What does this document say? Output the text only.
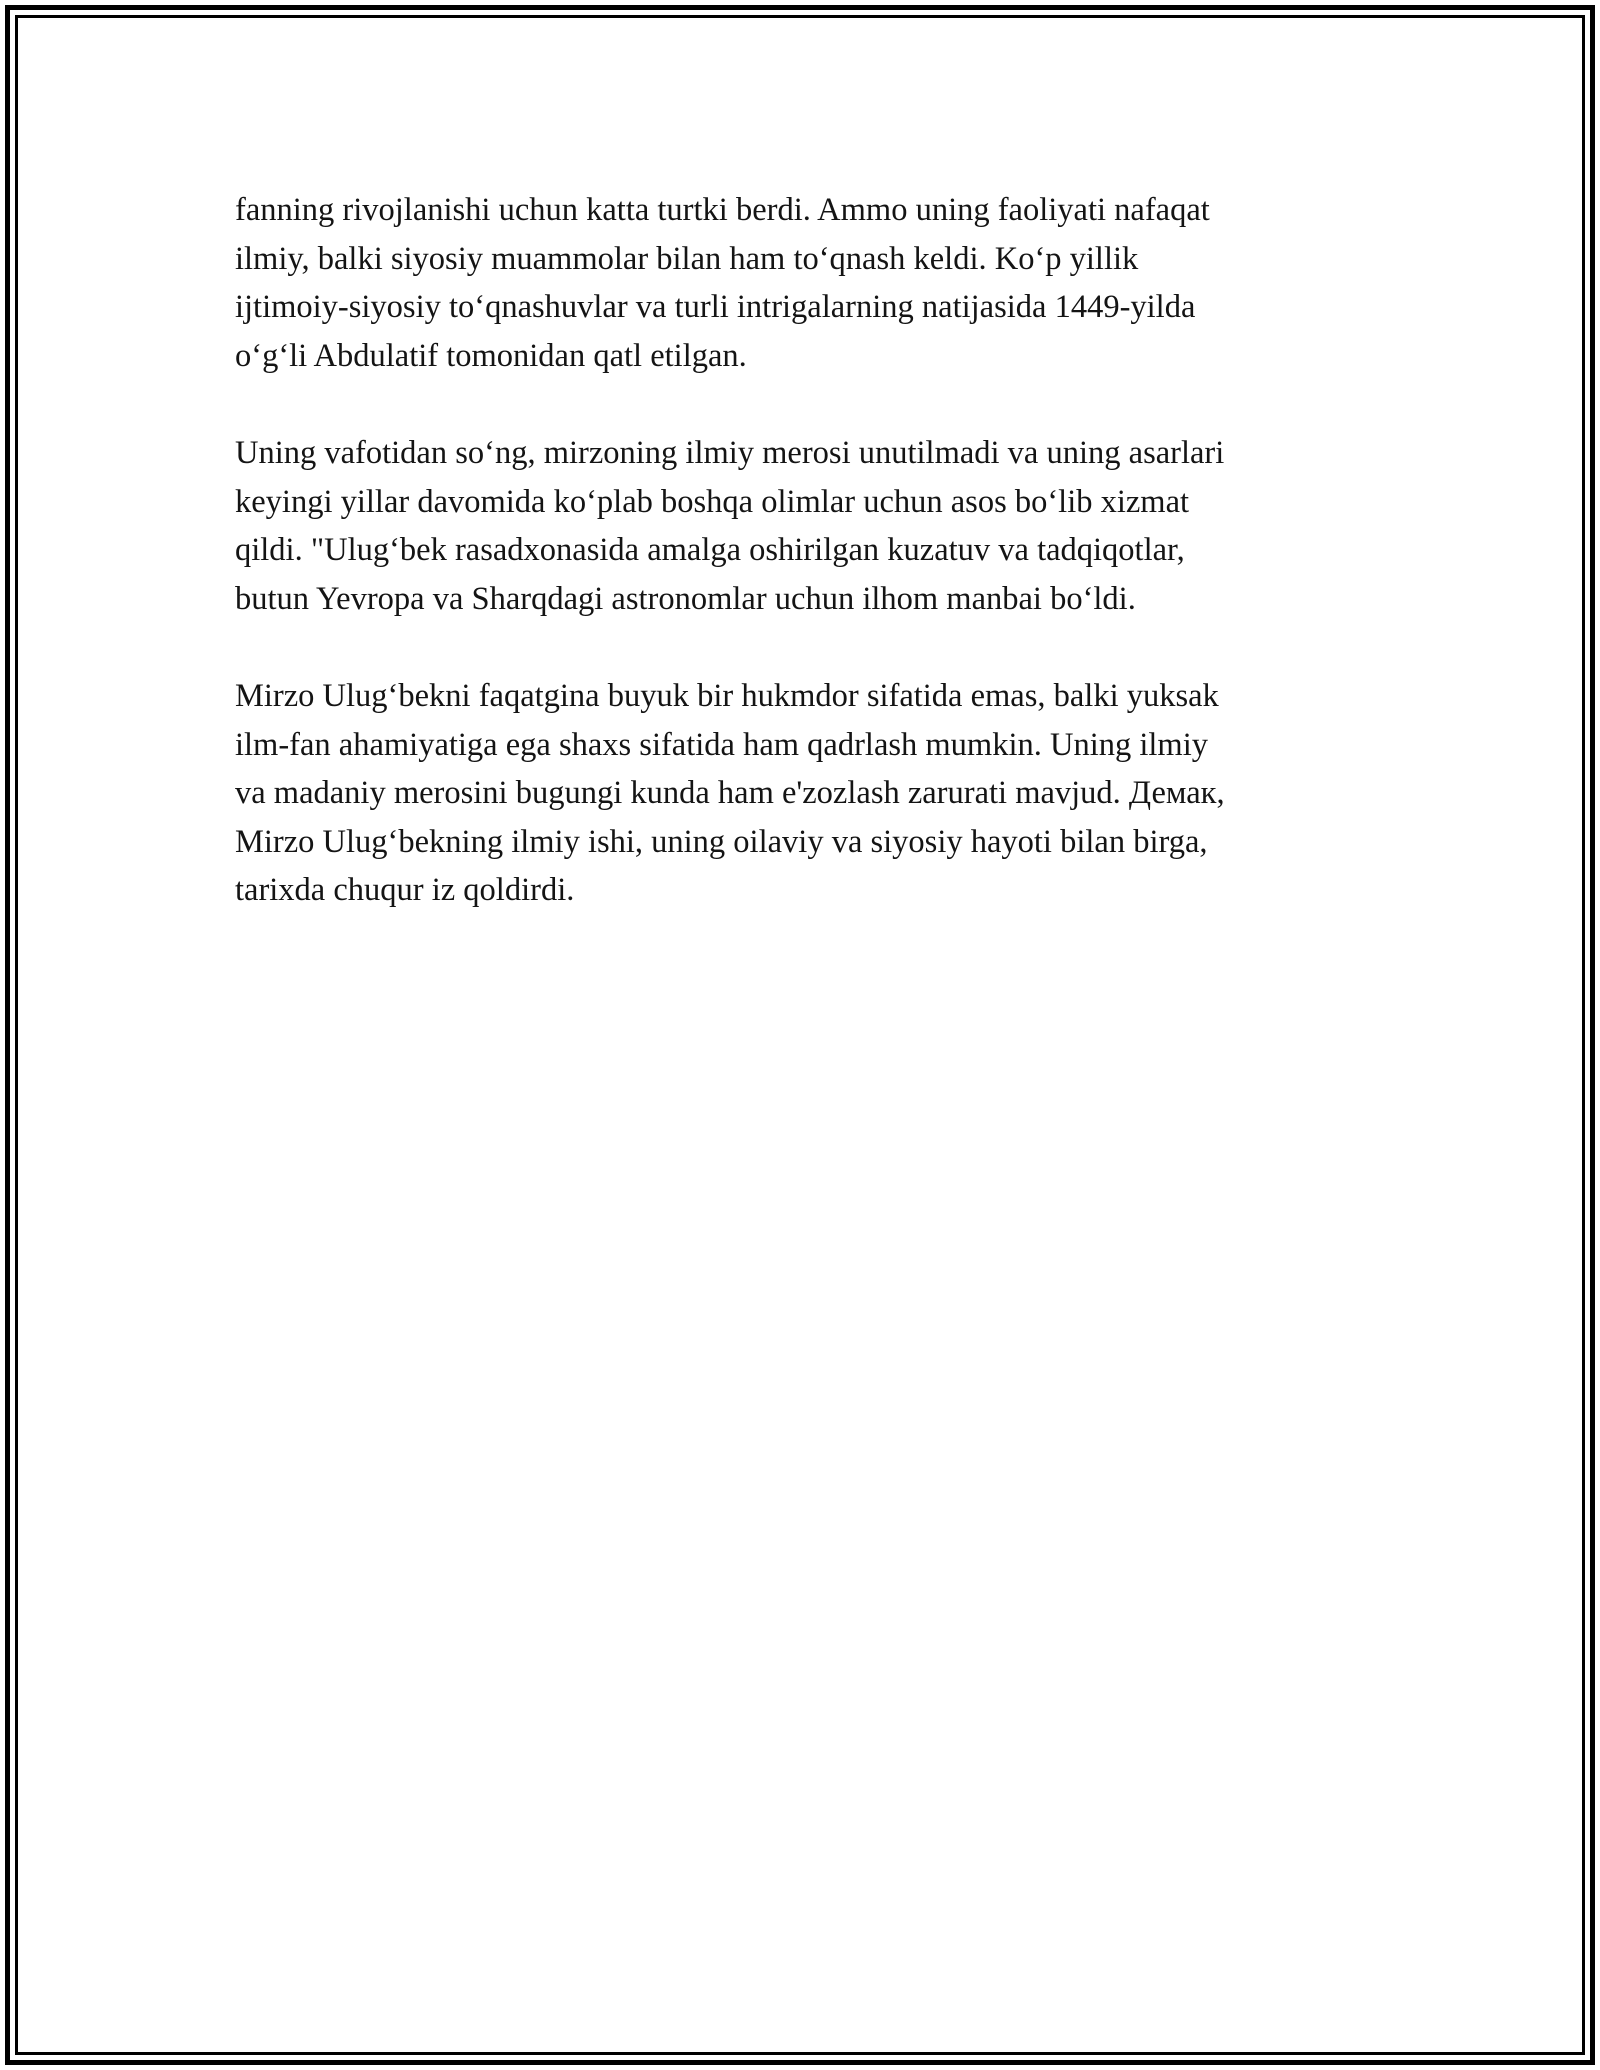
fanning rivojlanishi uchun katta turtki berdi. Ammo uning faoliyati nafaqat
ilmiy, balki siyosiy muammolar bilan ham to‘qnash keldi. Ko‘p yillik
ijtimoiy-siyosiy to‘qnashuvlar va turli intrigalarning natijasida 1449-yilda
o‘g‘li Abdulatif tomonidan qatl etilgan.

Uning vafotidan so‘ng, mirzoning ilmiy merosi unutilmadi va uning asarlari
keyingi yillar davomida ko‘plab boshqa olimlar uchun asos bo‘lib xizmat
qildi. "Ulug‘bek rasadxonasida amalga oshirilgan kuzatuv va tadqiqotlar,
butun Yevropa va Sharqdagi astronomlar uchun ilhom manbai bo‘ldi.

Mirzo Ulug‘bekni faqatgina buyuk bir hukmdor sifatida emas, balki yuksak
ilm-fan ahamiyatiga ega shaxs sifatida ham qadrlash mumkin. Uning ilmiy
va madaniy merosini bugungi kunda ham e'zozlash zarurati mavjud. Демак,
Mirzo Ulug‘bekning ilmiy ishi, uning oilaviy va siyosiy hayoti bilan birga,
tarixda chuqur iz qoldirdi.
